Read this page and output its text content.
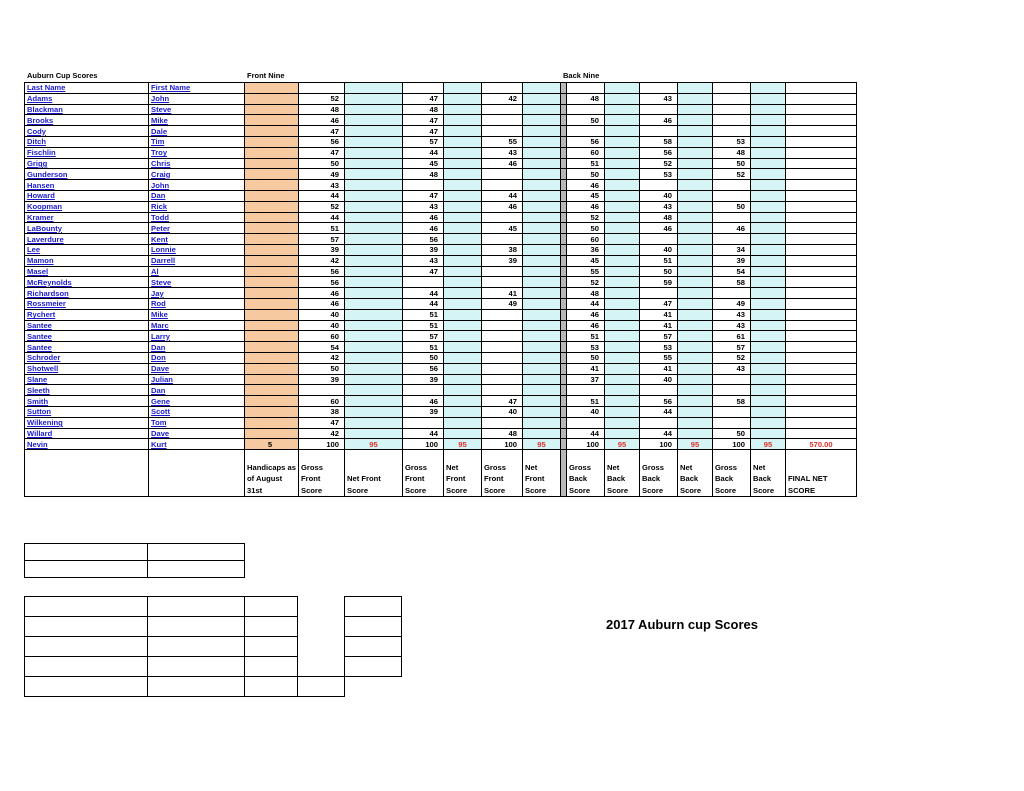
Auburn Cup Scores	Front Nine	Back Nine
Last Name	First Name															
Adams	John		52		47		42			48		43				
Blackman	Steve		48		48											
Brooks	Mike		46		47					50		46				
Cody	Dale		47		47											
Ditch	Tim		56		57		55			56		58		53		
Fischlin	Troy		47		44		43			60		56		48		
Grigg	Chris		50		45		46			51		52		50		
Gunderson	Craig		49		48					50		53		52		
Hansen	John		43							46						
Howard	Dan		44		47		44			45		40				
Koopman	Rick		52		43		46			46		43		50		
Kramer	Todd		44		46					52		48				
LaBounty	Peter		51		46		45			50		46		46		
Laverdure	Kent		57		56					60						
Lee	Lonnie		39		39		38			36		40		34		
Mamon	Darrell		42		43		39			45		51		39		
Masel	Al		56		47					55		50		54		
McReynolds	Steve		56							52		59		58		
Richardson	Jay		46		44		41			48						
Rossmeier	Rod		46		44		49			44		47		49		
Rychert	Mike		40		51					46		41		43		
Santee	Marc		40		51					46		41		43		
Santee	Larry		60		57					51		57		61		
Santee	Dan		54		51					53		53		57		
Schroder	Don		42		50					50		55		52		
Shotwell	Dave		50		56					41		41		43		
Slane	Julian		39		39					37		40				
Sleeth	Dan															
Smith	Gene		60		46		47			51		56		58		
Sutton	Scott		38		39		40			40		44				
Wilkening	Tom		47													
Willard	Dave		42		44		48			44		44		50		
Nevin	Kurt	5	100	95	100	95	100	95		100	95	100	95	100	95	570.00
		Handicaps as of August 31st	Gross Front Score	Net Front Score	Gross Front Score	Net Front Score	Gross Front Score	Net Front Score		Gross Back Score	Net Back Score	Gross Back Score	Net Back Score	Gross Back Score	Net Back Score	FINAL NET SCORE

2017 Auburn cup Scores
